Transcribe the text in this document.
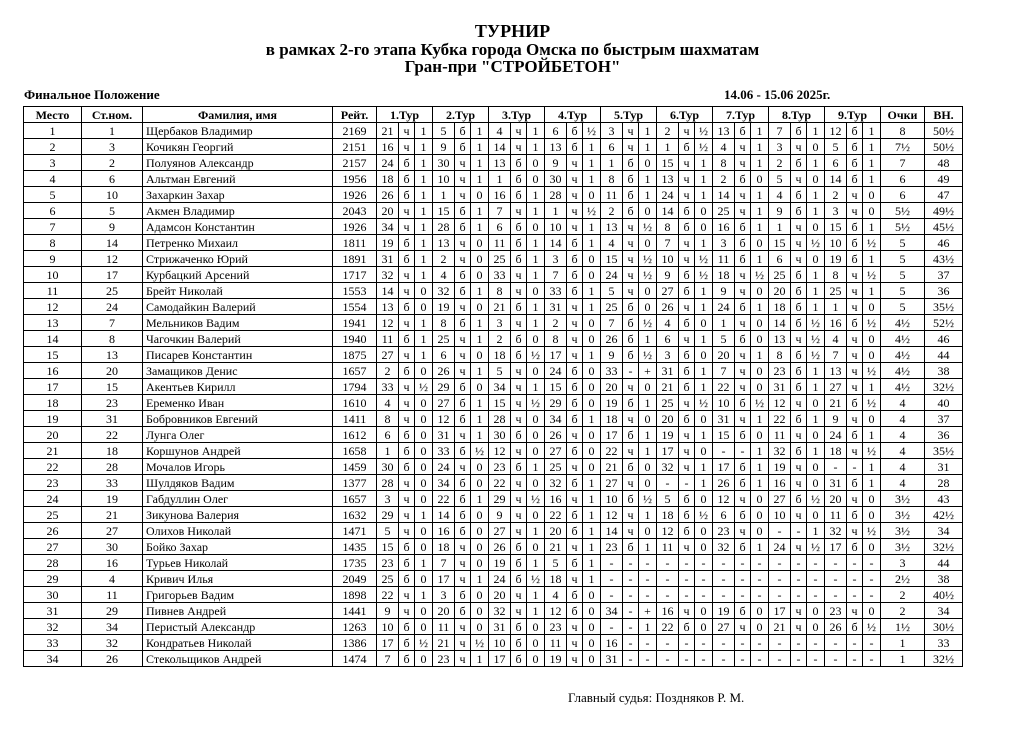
ТУРНИР
в рамках 2-го этапа Кубка города Омска по быстрым шахматам
Гран-при "СТРОЙБЕТОН"
Финальное Положение	14.06 - 15.06 2025г.
Место	Ст.ном.	Фамилия, имя	Рейт.	1.Тур			2.Тур			3.Тур			4.Тур			5.Тур			6.Тур			7.Тур			8.Тур			9.Тур			Очки	ВН.
1	1	Щербаков Владимир	2169	21	ч	1	5	б	1	4	ч	1	6	б	½	3	ч	1	2	ч	½	13	б	1	7	б	1	12	б	1	8	50½
2	3	Кочикян Георгий	2151	16	ч	1	9	б	1	14	ч	1	13	б	1	6	ч	1	1	б	½	4	ч	1	3	ч	0	5	б	1	7½	50½
3	2	Полуянов Александр	2157	24	б	1	30	ч	1	13	б	0	9	ч	1	1	б	0	15	ч	1	8	ч	1	2	б	1	6	б	1	7	48
4	6	Альтман Евгений	1956	18	б	1	10	ч	1	1	б	0	30	ч	1	8	б	1	13	ч	1	2	б	0	5	ч	0	14	б	1	6	49
5	10	Захаркин Захар	1926	26	б	1	1	ч	0	16	б	1	28	ч	0	11	б	1	24	ч	1	14	ч	1	4	б	1	2	ч	0	6	47
6	5	Акмен Владимир	2043	20	ч	1	15	б	1	7	ч	1	1	ч	½	2	б	0	14	б	0	25	ч	1	9	б	1	3	ч	0	5½	49½
7	9	Адамсон Константин	1926	34	ч	1	28	б	1	6	б	0	10	ч	1	13	ч	½	8	б	0	16	б	1	1	ч	0	15	б	1	5½	45½
8	14	Петренко Михаил	1811	19	б	1	13	ч	0	11	б	1	14	б	1	4	ч	0	7	ч	1	3	б	0	15	ч	½	10	б	½	5	46
9	12	Стрижаченко Юрий	1891	31	б	1	2	ч	0	25	б	1	3	б	0	15	ч	½	10	ч	½	11	б	1	6	ч	0	19	б	1	5	43½
10	17	Курбацкий Арсений	1717	32	ч	1	4	б	0	33	ч	1	7	б	0	24	ч	½	9	б	½	18	ч	½	25	б	1	8	ч	½	5	37
11	25	Брейт Николай	1553	14	ч	0	32	б	1	8	ч	0	33	б	1	5	ч	0	27	б	1	9	ч	0	20	б	1	25	ч	1	5	36
12	24	Самодайкин Валерий	1554	13	б	0	19	ч	0	21	б	1	31	ч	1	25	б	0	26	ч	1	24	б	1	18	б	1	1	ч	0	5	35½
13	7	Мельников Вадим	1941	12	ч	1	8	б	1	3	ч	1	2	ч	0	7	б	½	4	б	0	1	ч	0	14	б	½	16	б	½	4½	52½
14	8	Чагочкин Валерий	1940	11	б	1	25	ч	1	2	б	0	8	ч	0	26	б	1	6	ч	1	5	б	0	13	ч	½	4	ч	0	4½	46
15	13	Писарев Константин	1875	27	ч	1	6	ч	0	18	б	½	17	ч	1	9	б	½	3	б	0	20	ч	1	8	б	½	7	ч	0	4½	44
16	20	Замащиков Денис	1657	2	б	0	26	ч	1	5	ч	0	24	б	0	33	-	+	31	б	1	7	ч	0	23	б	1	13	ч	½	4½	38
17	15	Акентьев Кирилл	1794	33	ч	½	29	б	0	34	ч	1	15	б	0	20	ч	0	21	б	1	22	ч	0	31	б	1	27	ч	1	4½	32½
18	23	Еременко Иван	1610	4	ч	0	27	б	1	15	ч	½	29	б	0	19	б	1	25	ч	½	10	б	½	12	ч	0	21	б	½	4	40
19	31	Бобровников Евгений	1411	8	ч	0	12	б	1	28	ч	0	34	б	1	18	ч	0	20	б	0	31	ч	1	22	б	1	9	ч	0	4	37
20	22	Лунга Олег	1612	6	б	0	31	ч	1	30	б	0	26	ч	0	17	б	1	19	ч	1	15	б	0	11	ч	0	24	б	1	4	36
21	18	Коршунов Андрей	1658	1	б	0	33	б	½	12	ч	0	27	б	0	22	ч	1	17	ч	0	-	-	1	32	б	1	18	ч	½	4	35½
22	28	Мочалов Игорь	1459	30	б	0	24	ч	0	23	б	1	25	ч	0	21	б	0	32	ч	1	17	б	1	19	ч	0	-	-	1	4	31
23	33	Шулдяков Вадим	1377	28	ч	0	34	б	0	22	ч	0	32	б	1	27	ч	0	-	-	1	26	б	1	16	ч	0	31	б	1	4	28
24	19	Габдуллин Олег	1657	3	ч	0	22	б	1	29	ч	½	16	ч	1	10	б	½	5	б	0	12	ч	0	27	б	½	20	ч	0	3½	43
25	21	Зикунова Валерия	1632	29	ч	1	14	б	0	9	ч	0	22	б	1	12	ч	1	18	б	½	6	б	0	10	ч	0	11	б	0	3½	42½
26	27	Олихов Николай	1471	5	ч	0	16	б	0	27	ч	1	20	б	1	14	ч	0	12	б	0	23	ч	0	-	-	1	32	ч	½	3½	34
27	30	Бойко Захар	1435	15	б	0	18	ч	0	26	б	0	21	ч	1	23	б	1	11	ч	0	32	б	1	24	ч	½	17	б	0	3½	32½
28	16	Турьев Николай	1735	23	б	1	7	ч	0	19	б	1	5	б	1	-	-	-	-	-	-	-	-	-	-	-	-	-	-	-	3	44
29	4	Кривич Илья	2049	25	б	0	17	ч	1	24	б	½	18	ч	1	-	-	-	-	-	-	-	-	-	-	-	-	-	-	-	2½	38
30	11	Григорьев Вадим	1898	22	ч	1	3	б	0	20	ч	1	4	б	0	-	-	-	-	-	-	-	-	-	-	-	-	-	-	-	2	40½
31	29	Пивнев Андрей	1441	9	ч	0	20	б	0	32	ч	1	12	б	0	34	-	+	16	ч	0	19	б	0	17	ч	0	23	ч	0	2	34
32	34	Перистый Александр	1263	10	б	0	11	ч	0	31	б	0	23	ч	0	-	-	1	22	б	0	27	ч	0	21	ч	0	26	б	½	1½	30½
33	32	Кондратьев Николай	1386	17	б	½	21	ч	½	10	б	0	11	ч	0	16	-	-	-	-	-	-	-	-	-	-	-	-	-	-	1	33
34	26	Стекольщиков Андрей	1474	7	б	0	23	ч	1	17	б	0	19	ч	0	31	-	-	-	-	-	-	-	-	-	-	-	-	-	-	1	32½
Главный судья: Поздняков Р. М.
